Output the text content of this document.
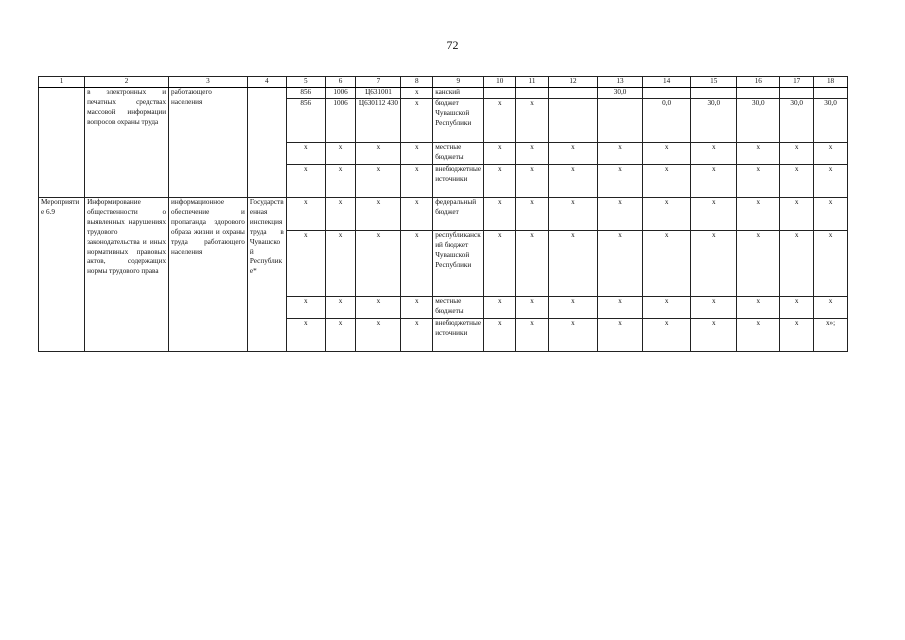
72
1	2	3	4	5	6	7	8	9	10	11	12	13	14	15	16	17	18
	в электронных и печатных средствах массовой информации вопросов охраны труда	работающего населения		856	1006	Ц631001	х	канский				30,0					
				856	1006	Ц630112 430	х	бюджет Чувашской Республики	х	х			0,0	30,0	30,0	30,0	30,0
				х	х	х	х	местные бюджеты	х	х	х	х	х	х	х	х	х
				х	х	х	х	внебюджетные источники	х	х	х	х	х	х	х	х	х
Мероприятие 6.9	Информирование общественности о выявленных нарушениях трудового законодательства и иных нормативных правовых актов, содержащих нормы трудового права	информационное обеспечение и пропаганда здорового образа жизни и охраны труда работающего населения	Государственная инспекция труда в Чувашской Республике*	х	х	х	х	федеральный бюджет	х	х	х	х	х	х	х	х	х
				х	х	х	х	республиканский бюджет Чувашской Республики	х	х	х	х	х	х	х	х	х
				х	х	х	х	местные бюджеты	х	х	х	х	х	х	х	х	х
				х	х	х	х	внебюджетные источники	х	х	х	х	х	х	х	х	х»;
